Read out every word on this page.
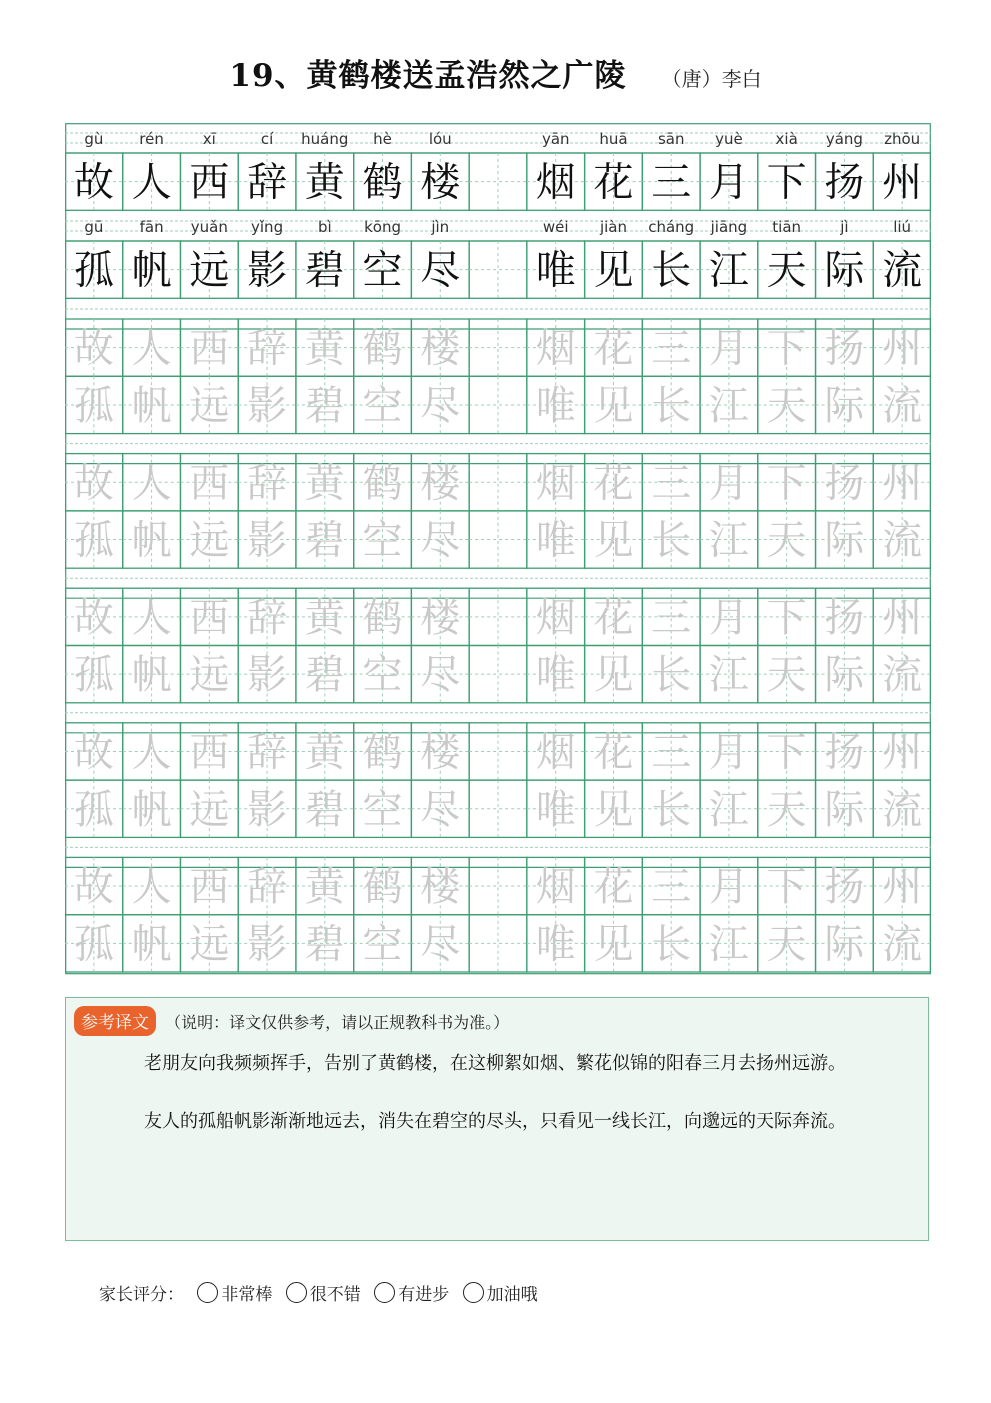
19、黄鹤楼送孟浩然之广陵 （唐）李白
gù rén	xī	cí huáng hè lóu	yān huā sān yuè xià yáng zhōu
故 人 西 辞 黄 鹤 楼 烟 花 三 月 下 扬 州
gū fān yuǎn yǐng bì kōng jìn	wéi jiàn cháng jiāng tiān	jì	liú
孤 帆 远 影 碧 空 尽 唯 见 长 江 天 际 流
故 人 西 辞 黄 鹤 楼 烟 花 三 月 下 扬 州
孤 帆 远 影 碧 空 尽 唯 见 长 江 天 际 流
故 人 西 辞 黄 鹤 楼 烟 花 三 月 下 扬 州
孤 帆 远 影 碧 空 尽 唯 见 长 江 天 际 流
故 人 西 辞 黄 鹤 楼 烟 花 三 月 下 扬 州
孤 帆 远 影 碧 空 尽 唯 见 长 江 天 际 流
故 人 西 辞 黄 鹤 楼 烟 花 三 月 下 扬 州
孤 帆 远 影 碧 空 尽 唯 见 长 江 天 际 流
故 人 西 辞 黄 鹤 楼 烟 花 三 月 下 扬 州
孤 帆 远 影 碧 空 尽 唯 见 长 江 天 际 流
参考译文 （说明：译文仅供参考，请以正规教科书为准。）
老朋友向我频频挥手，告别了黄鹤楼，在这柳絮如烟、繁花似锦的阳春三月去扬州远游。
友人的孤船帆影渐渐地远去，消失在碧空的尽头，只看见一线长江，向邈远的天际奔流。
家长评分： 非常棒 很不错 有进步 加油哦
